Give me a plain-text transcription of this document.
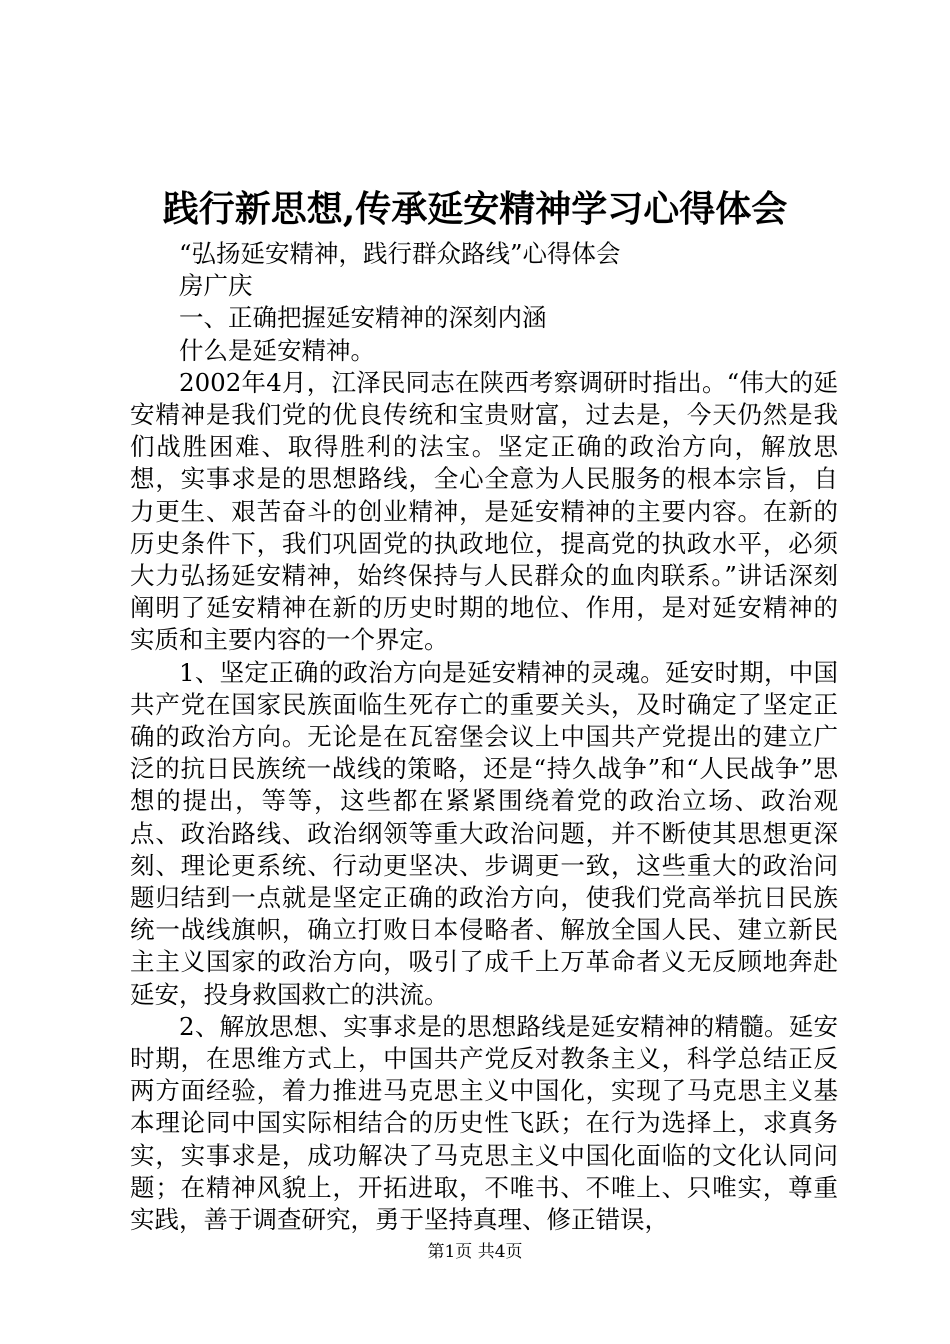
践行新思想,传承延安精神学习心得体会

“弘扬延安精神，践行群众路线”心得体会

房广庆

一、正确把握延安精神的深刻内涵

什么是延安精神。

2002年4月，江泽民同志在陕西考察调研时指出。“伟大的延安精神是我们党的优良传统和宝贵财富，过去是，今天仍然是我们战胜困难、取得胜利的法宝。坚定正确的政治方向，解放思想，实事求是的思想路线，全心全意为人民服务的根本宗旨，自力更生、艰苦奋斗的创业精神，是延安精神的主要内容。在新的历史条件下，我们巩固党的执政地位，提高党的执政水平，必须大力弘扬延安精神，始终保持与人民群众的血肉联系。”讲话深刻阐明了延安精神在新的历史时期的地位、作用，是对延安精神的实质和主要内容的一个界定。

1、坚定正确的政治方向是延安精神的灵魂。延安时期，中国共产党在国家民族面临生死存亡的重要关头，及时确定了坚定正确的政治方向。无论是在瓦窑堡会议上中国共产党提出的建立广泛的抗日民族统一战线的策略，还是“持久战争”和“人民战争”思想的提出，等等，这些都在紧紧围绕着党的政治立场、政治观点、政治路线、政治纲领等重大政治问题，并不断使其思想更深刻、理论更系统、行动更坚决、步调更一致，这些重大的政治问题归结到一点就是坚定正确的政治方向，使我们党高举抗日民族统一战线旗帜，确立打败日本侵略者、解放全国人民、建立新民主主义国家的政治方向，吸引了成千上万革命者义无反顾地奔赴延安，投身救国救亡的洪流。

2、解放思想、实事求是的思想路线是延安精神的精髓。延安时期，在思维方式上，中国共产党反对教条主义，科学总结正反两方面经验，着力推进马克思主义中国化，实现了马克思主义基本理论同中国实际相结合的历史性飞跃；在行为选择上，求真务实，实事求是，成功解决了马克思主义中国化面临的文化认同问题；在精神风貌上，开拓进取，不唯书、不唯上、只唯实，尊重实践，善于调查研究，勇于坚持真理、修正错误，

第1页 共4页
